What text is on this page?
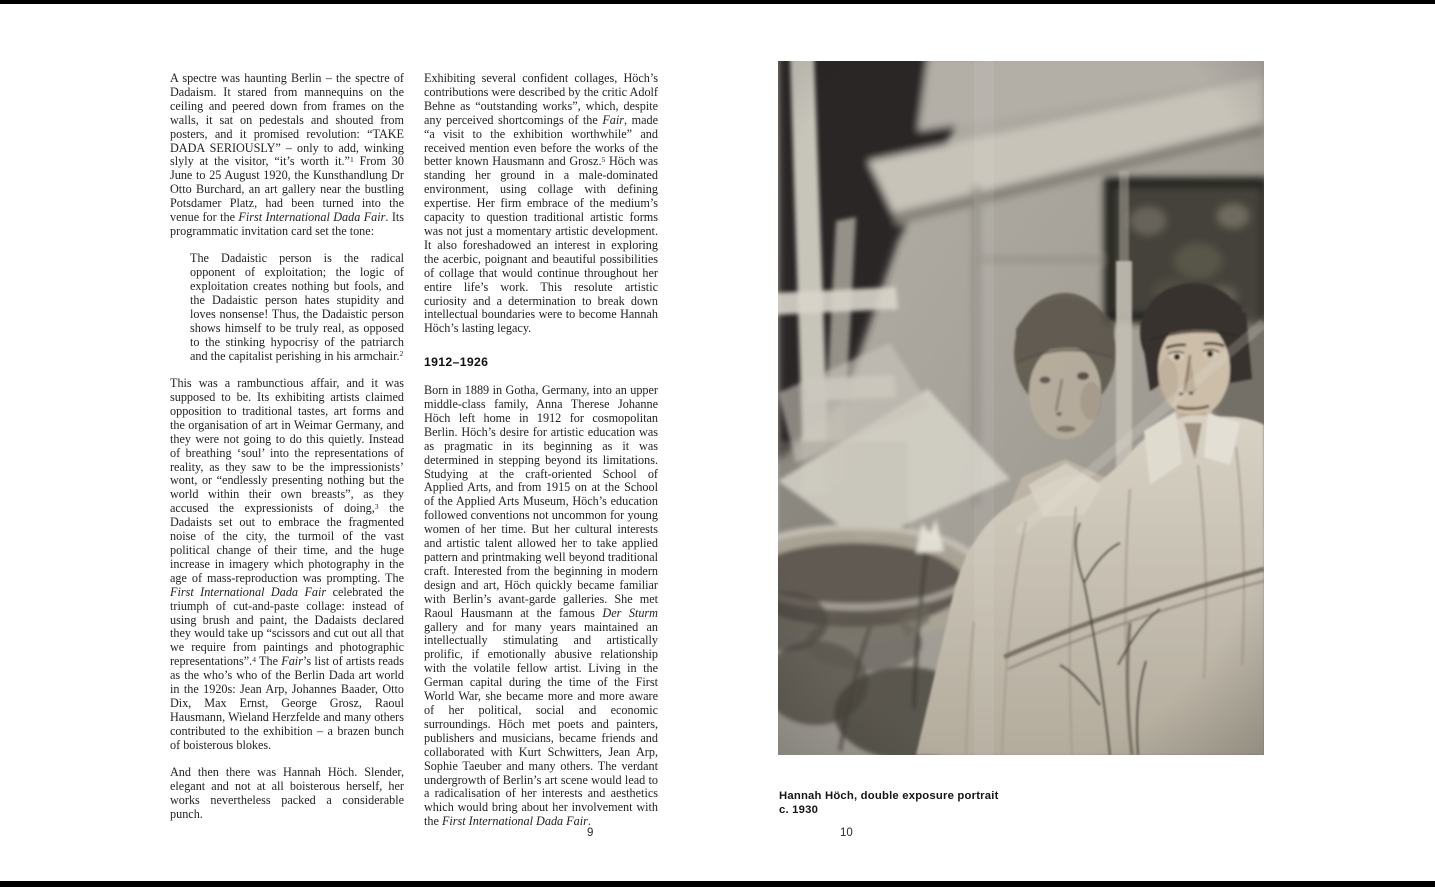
A spectre was haunting Berlin – the spectre of Dadaism. It stared from mannequins on the ceiling and peered down from frames on the walls, it sat on pedestals and shouted from posters, and it promised revolution: “TAKE DADA SERIOUSLY” – only to add, winking slyly at the visitor, “it’s worth it.”$^1$ From 30 June to 25 August 1920, the Kunsthandlung Dr Otto Burchard, an art gallery near the bustling Potsdamer Platz, had been turned into the venue for the First International Dada Fair. Its programmatic invitation card set the tone:

The Dadaistic person is the radical opponent of exploitation; the logic of exploitation creates nothing but fools, and the Dadaistic person hates stupidity and loves nonsense! Thus, the Dadaistic person shows himself to be truly real, as opposed to the stinking hypocrisy of the patriarch and the capitalist perishing in his armchair.$^2$

This was a rambunctious affair, and it was supposed to be. Its exhibiting artists claimed opposition to traditional tastes, art forms and the organisation of art in Weimar Germany, and they were not going to do this quietly. Instead of breathing ‘soul’ into the representations of reality, as they saw to be the impressionists’ wont, or “endlessly presenting nothing but the world within their own breasts”, as they accused the expressionists of doing,$^3$ the Dadaists set out to embrace the fragmented noise of the city, the turmoil of the vast political change of their time, and the huge increase in imagery which photography in the age of mass-reproduction was prompting. The First International Dada Fair celebrated the triumph of cut-and-paste collage: instead of using brush and paint, the Dadaists declared they would take up “scissors and cut out all that we require from paintings and photographic representations”.$^4$ The Fair’s list of artists reads as the who’s who of the Berlin Dada art world in the 1920s: Jean Arp, Johannes Baader, Otto Dix, Max Ernst, George Grosz, Raoul Hausmann, Wieland Herzfelde and many others contributed to the exhibition – a brazen bunch of boisterous blokes.

And then there was Hannah Höch. Slender, elegant and not at all boisterous herself, her works nevertheless packed a considerable punch.

Exhibiting several confident collages, Höch’s contributions were described by the critic Adolf Behne as “outstanding works”, which, despite any perceived shortcomings of the Fair, made “a visit to the exhibition worthwhile” and received mention even before the works of the better known Hausmann and Grosz.$^5$ Höch was standing her ground in a male-dominated environment, using collage with defining expertise. Her firm embrace of the medium’s capacity to question traditional artistic forms was not just a momentary artistic development. It also foreshadowed an interest in exploring the acerbic, poignant and beautiful possibilities of collage that would continue throughout her entire life’s work. This resolute artistic curiosity and a determination to break down intellectual boundaries were to become Hannah Höch’s lasting legacy.

1912–1926

Born in 1889 in Gotha, Germany, into an upper middle-class family, Anna Therese Johanne Höch left home in 1912 for cosmopolitan Berlin. Höch’s desire for artistic education was as pragmatic in its beginning as it was determined in stepping beyond its limitations. Studying at the craft-oriented School of Applied Arts, and from 1915 on at the School of the Applied Arts Museum, Höch’s education followed conventions not uncommon for young women of her time. But her cultural interests and artistic talent allowed her to take applied pattern and printmaking well beyond traditional craft. Interested from the beginning in modern design and art, Höch quickly became familiar with Berlin’s avant-garde galleries. She met Raoul Hausmann at the famous Der Sturm gallery and for many years maintained an intellectually stimulating and artistically prolific, if emotionally abusive relationship with the volatile fellow artist. Living in the German capital during the time of the First World War, she became more and more aware of her political, social and economic surroundings. Höch met poets and painters, publishers and musicians, became friends and collaborated with Kurt Schwitters, Jean Arp, Sophie Taeuber and many others. The verdant undergrowth of Berlin’s art scene would lead to a radicalisation of her interests and aesthetics which would bring about her involvement with the First International Dada Fair.

Hannah Höch, double exposure portrait
c. 1930
9	10
